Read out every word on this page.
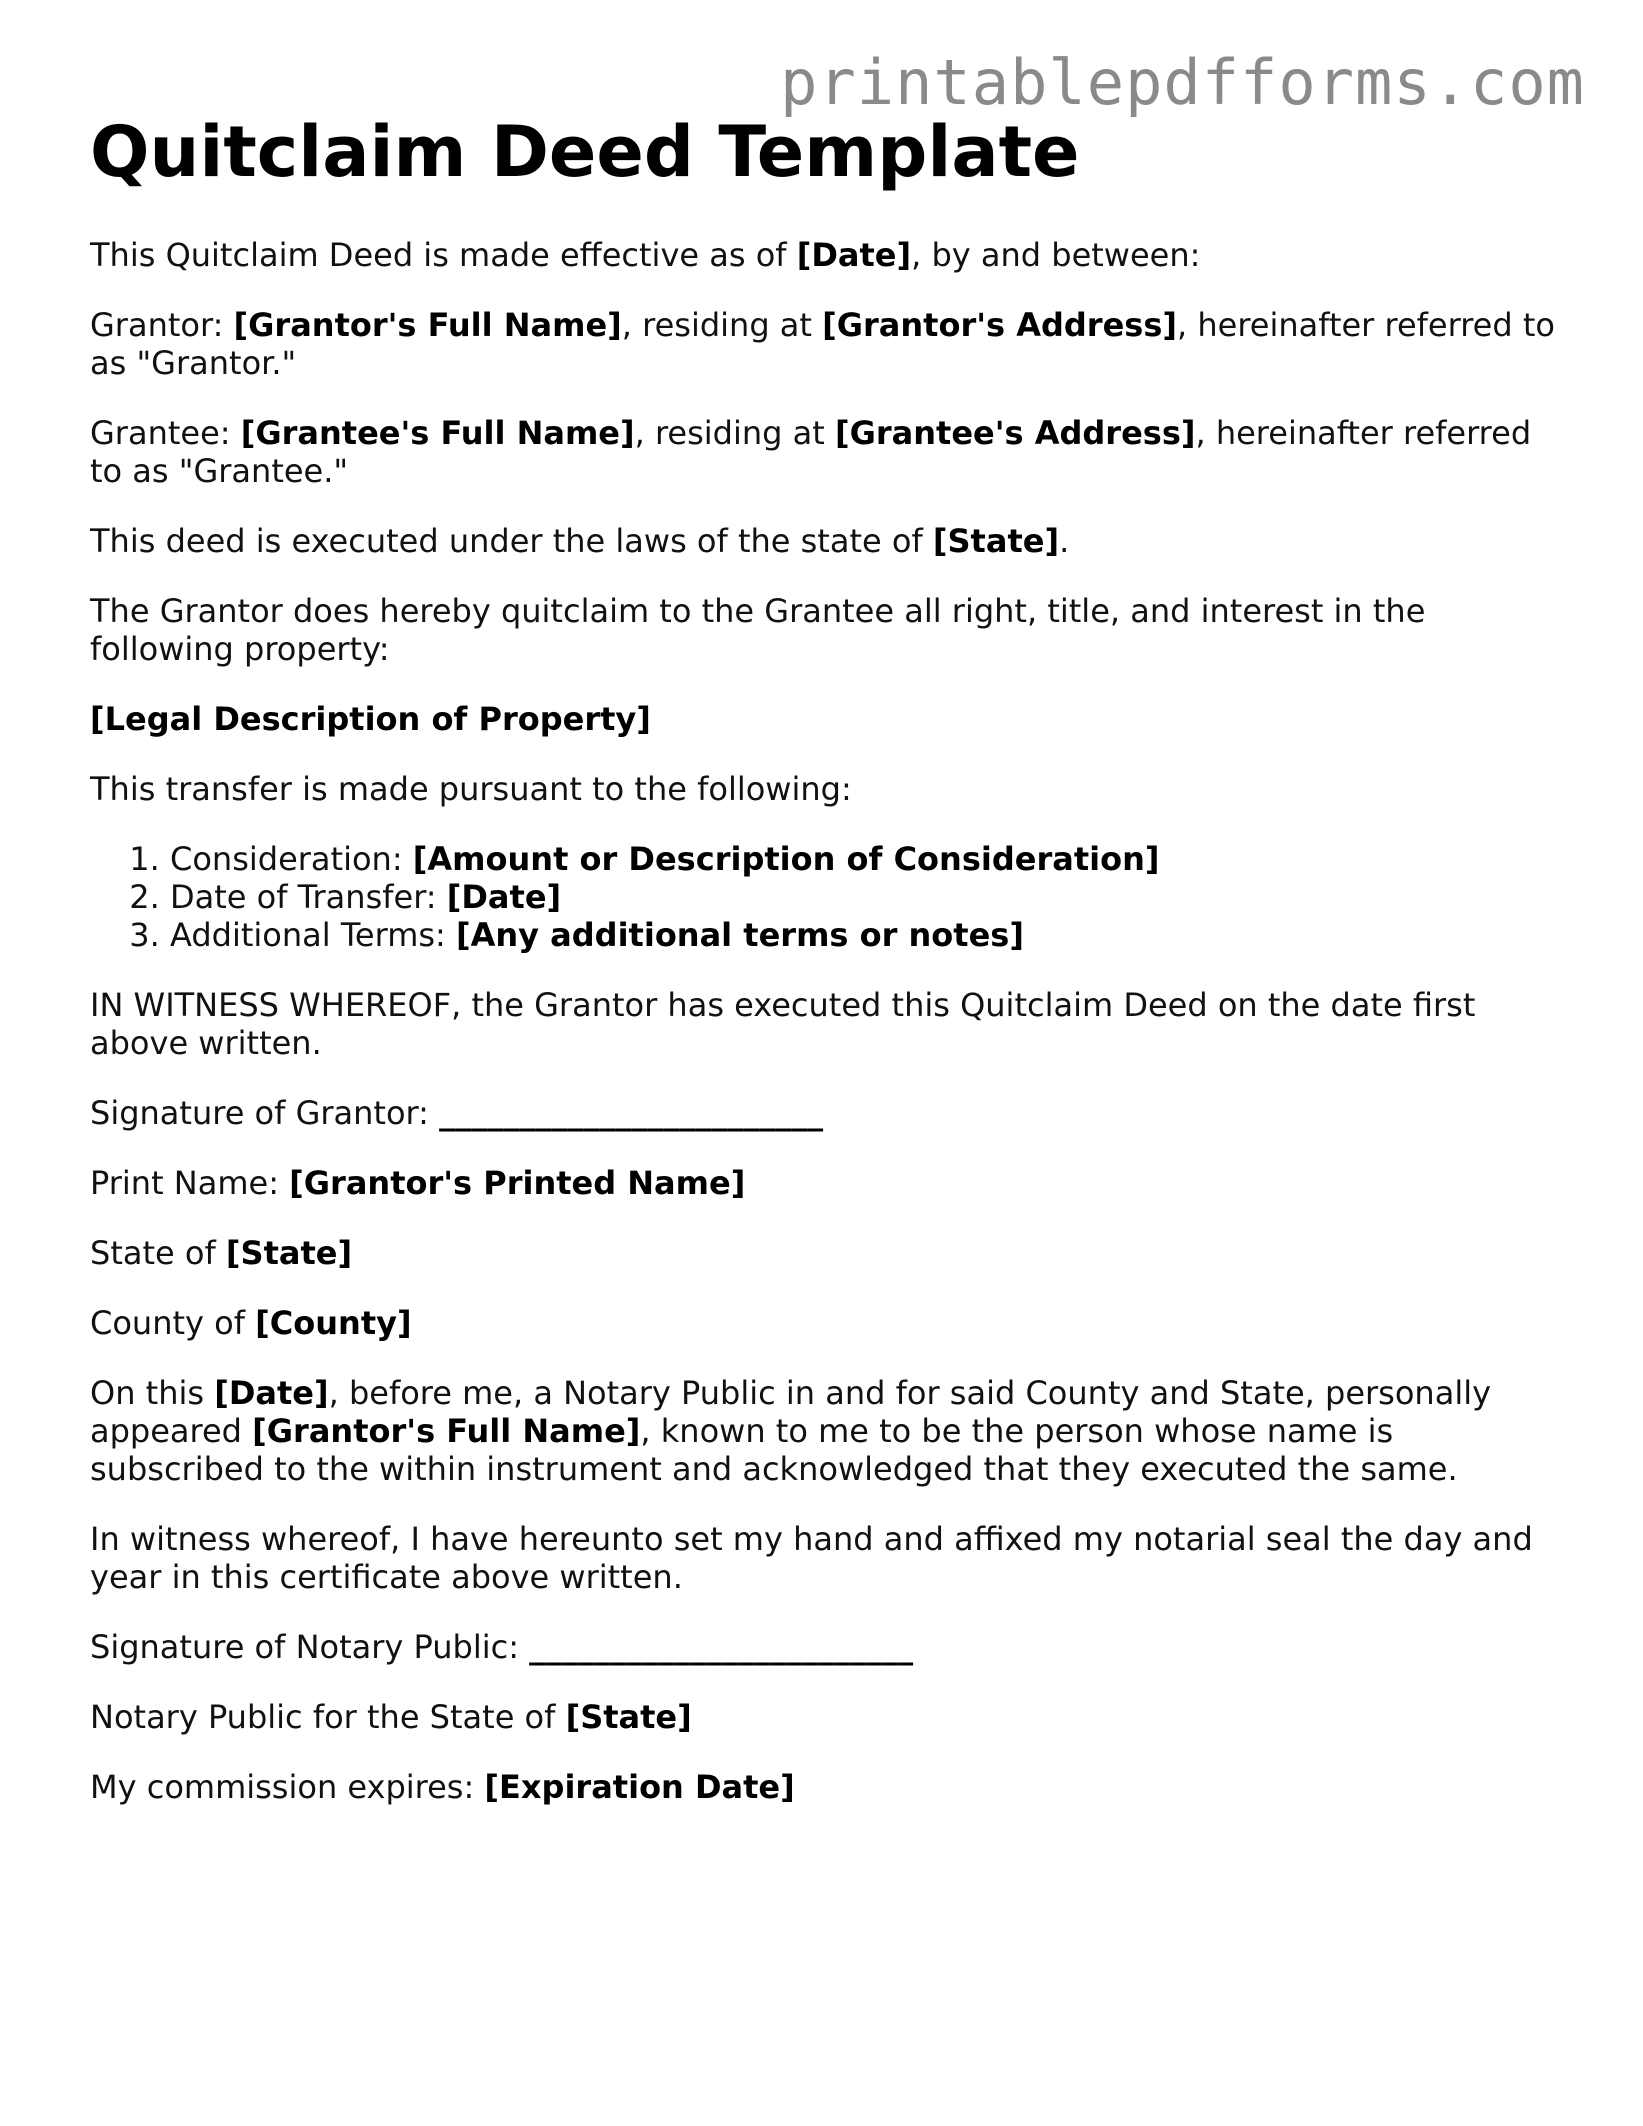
printablepdfforms.com
Quitclaim Deed Template

This Quitclaim Deed is made effective as of [Date], by and between:

Grantor: [Grantor's Full Name], residing at [Grantor's Address], hereinafter referred to as "Grantor."

Grantee: [Grantee's Full Name], residing at [Grantee's Address], hereinafter referred to as "Grantee."

This deed is executed under the laws of the state of [State].

The Grantor does hereby quitclaim to the Grantee all right, title, and interest in the following property:

[Legal Description of Property]

This transfer is made pursuant to the following:

1. Consideration: [Amount or Description of Consideration]
2. Date of Transfer: [Date]
3. Additional Terms: [Any additional terms or notes]

IN WITNESS WHEREOF, the Grantor has executed this Quitclaim Deed on the date first above written.

Signature of Grantor: ________________________

Print Name: [Grantor's Printed Name]

State of [State]

County of [County]

On this [Date], before me, a Notary Public in and for said County and State, personally appeared [Grantor's Full Name], known to me to be the person whose name is subscribed to the within instrument and acknowledged that they executed the same.

In witness whereof, I have hereunto set my hand and affixed my notarial seal the day and year in this certificate above written.

Signature of Notary Public: ________________________

Notary Public for the State of [State]

My commission expires: [Expiration Date]
